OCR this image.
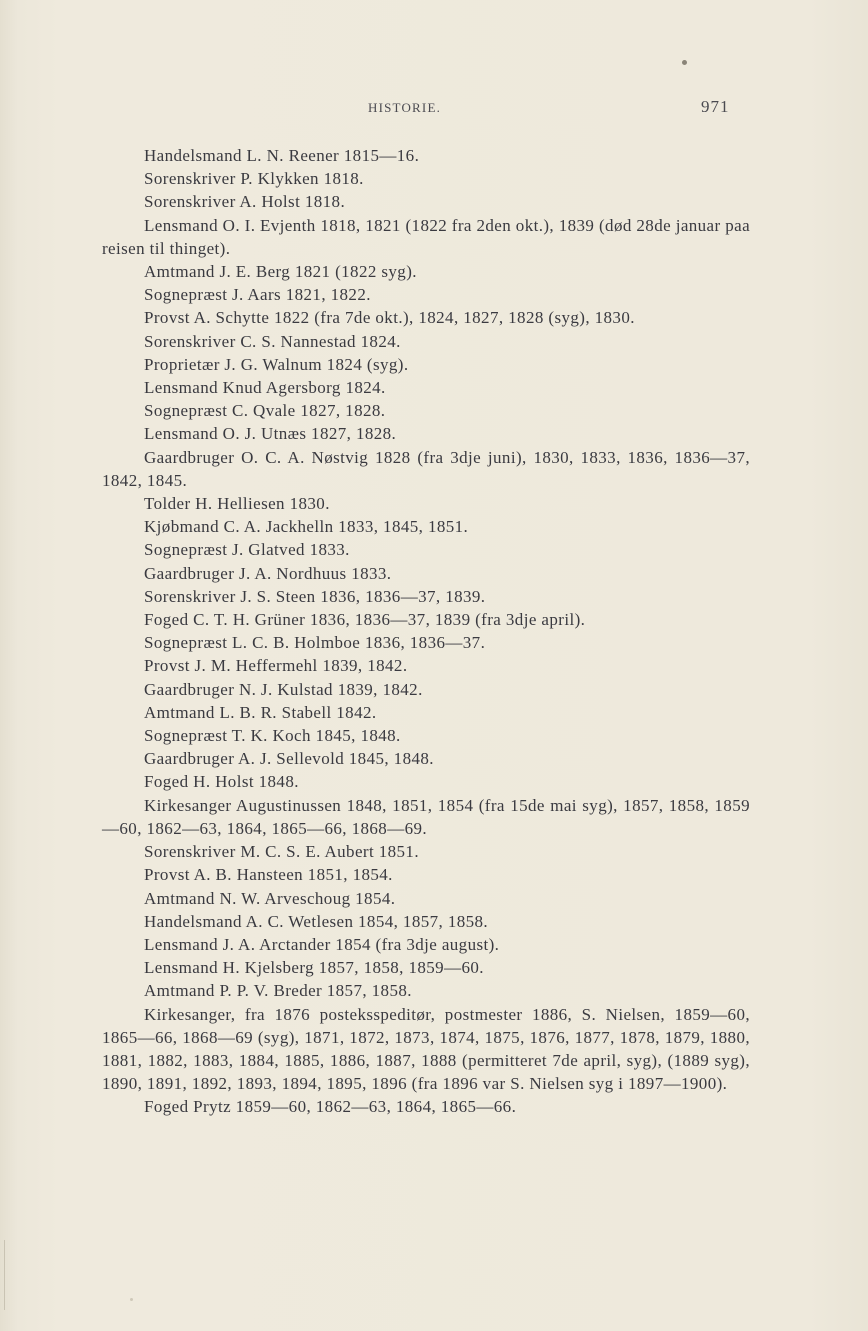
HISTORIE.	971
Handelsmand L. N. Reener 1815—16.
Sorenskriver P. Klykken 1818.
Sorenskriver A. Holst 1818.
Lensmand O. I. Evjenth 1818, 1821 (1822 fra 2den okt.), 1839 (død 28de januar paa reisen til thinget).
Amtmand J. E. Berg 1821 (1822 syg).
Sognepræst J. Aars 1821, 1822.
Provst A. Schytte 1822 (fra 7de okt.), 1824, 1827, 1828 (syg), 1830.
Sorenskriver C. S. Nannestad 1824.
Proprietær J. G. Walnum 1824 (syg).
Lensmand Knud Agersborg 1824.
Sognepræst C. Qvale 1827, 1828.
Lensmand O. J. Utnæs 1827, 1828.
Gaardbruger O. C. A. Nøstvig 1828 (fra 3dje juni), 1830, 1833, 1836, 1836—37, 1842, 1845.
Tolder H. Helliesen 1830.
Kjøbmand C. A. Jackhelln 1833, 1845, 1851.
Sognepræst J. Glatved 1833.
Gaardbruger J. A. Nordhuus 1833.
Sorenskriver J. S. Steen 1836, 1836—37, 1839.
Foged C. T. H. Grüner 1836, 1836—37, 1839 (fra 3dje april).
Sognepræst L. C. B. Holmboe 1836, 1836—37.
Provst J. M. Heffermehl 1839, 1842.
Gaardbruger N. J. Kulstad 1839, 1842.
Amtmand L. B. R. Stabell 1842.
Sognepræst T. K. Koch 1845, 1848.
Gaardbruger A. J. Sellevold 1845, 1848.
Foged H. Holst 1848.
Kirkesanger Augustinussen 1848, 1851, 1854 (fra 15de mai syg), 1857, 1858, 1859—60, 1862—63, 1864, 1865—66, 1868—69.
Sorenskriver M. C. S. E. Aubert 1851.
Provst A. B. Hansteen 1851, 1854.
Amtmand N. W. Arveschoug 1854.
Handelsmand A. C. Wetlesen 1854, 1857, 1858.
Lensmand J. A. Arctander 1854 (fra 3dje august).
Lensmand H. Kjelsberg 1857, 1858, 1859—60.
Amtmand P. P. V. Breder 1857, 1858.
Kirkesanger, fra 1876 posteksspeditør, postmester 1886, S. Nielsen, 1859—60, 1865—66, 1868—69 (syg), 1871, 1872, 1873, 1874, 1875, 1876, 1877, 1878, 1879, 1880, 1881, 1882, 1883, 1884, 1885, 1886, 1887, 1888 (permitteret 7de april, syg), (1889 syg), 1890, 1891, 1892, 1893, 1894, 1895, 1896 (fra 1896 var S. Nielsen syg i 1897—1900).
Foged Prytz 1859—60, 1862—63, 1864, 1865—66.
